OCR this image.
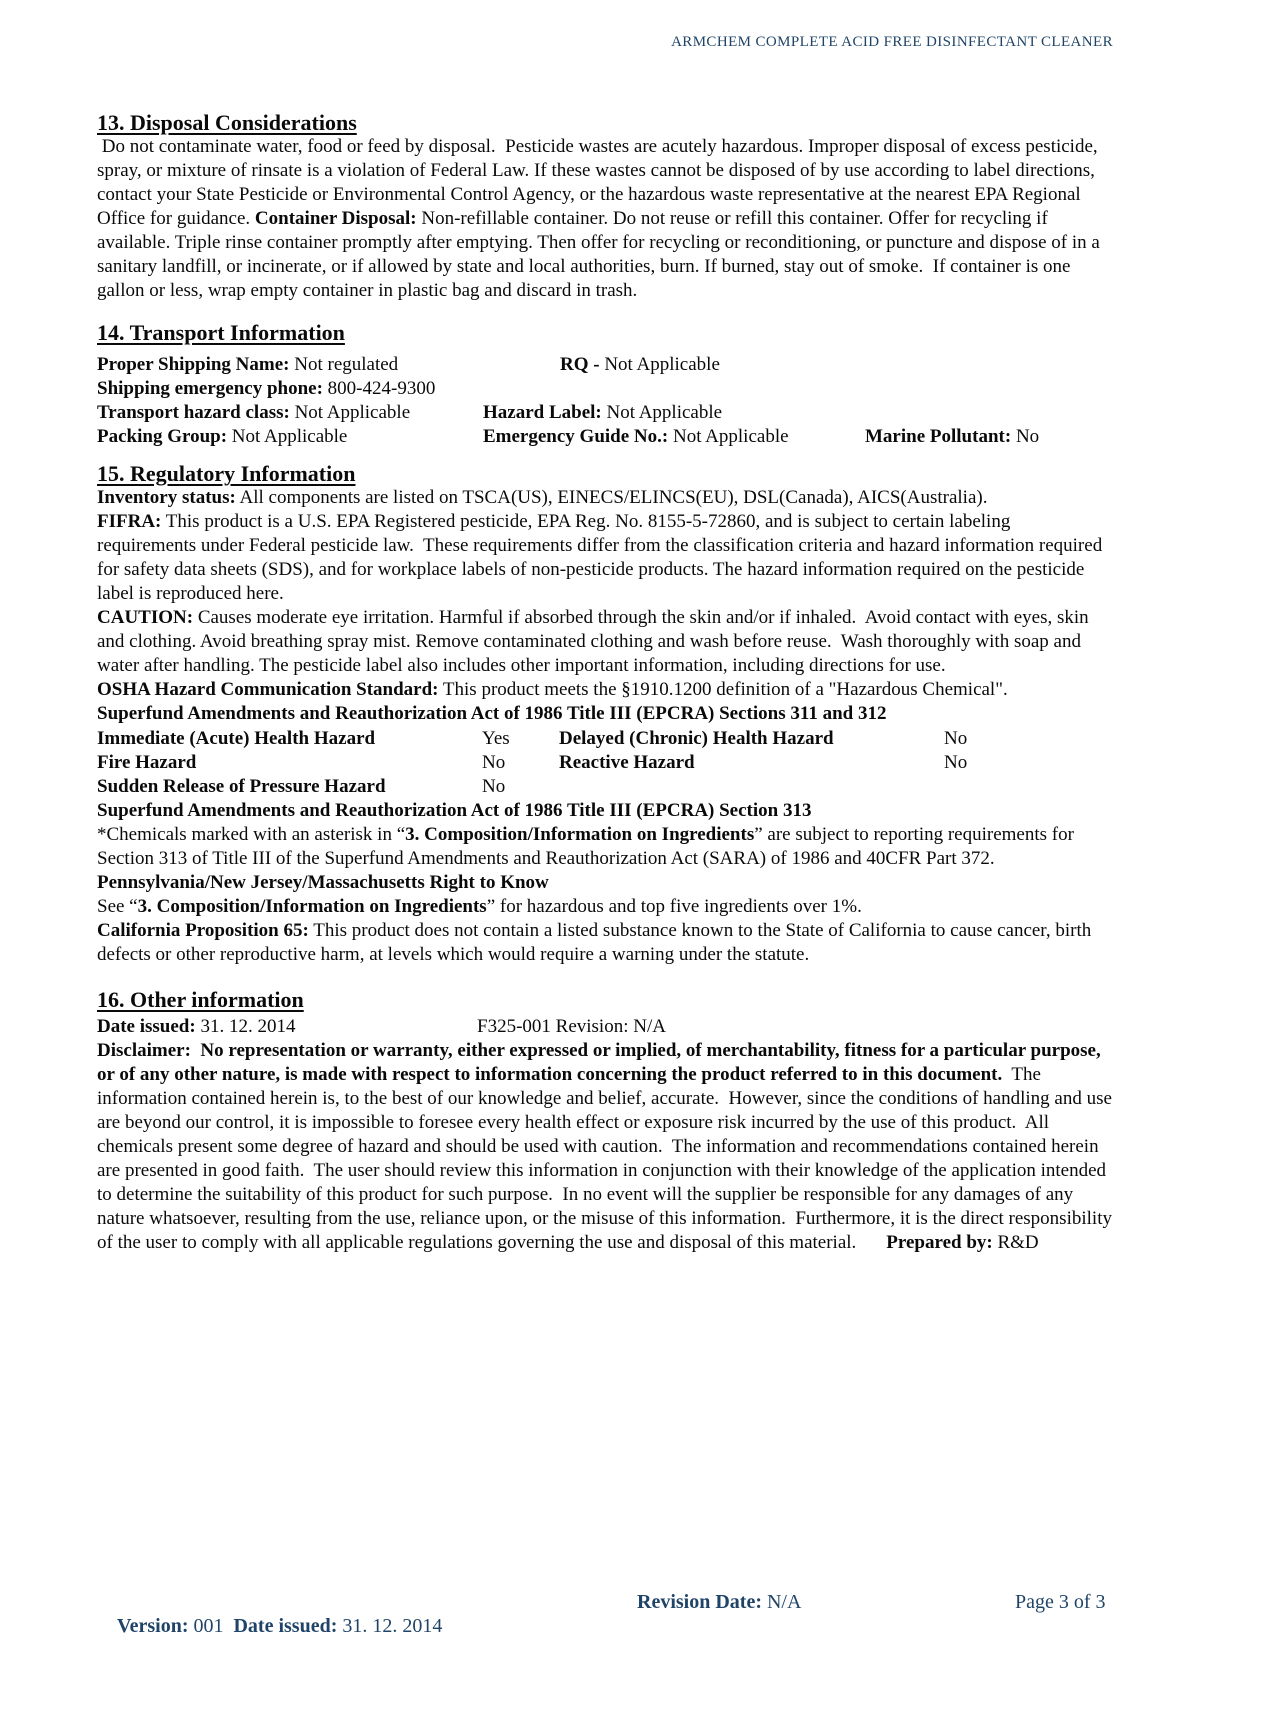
ARMCHEM COMPLETE ACID FREE DISINFECTANT CLEANER
13. Disposal Considerations

Do not contaminate water, food or feed by disposal.  Pesticide wastes are acutely hazardous. Improper disposal of excess pesticide, spray, or mixture of rinsate is a violation of Federal Law. If these wastes cannot be disposed of by use according to label directions, contact your State Pesticide or Environmental Control Agency, or the hazardous waste representative at the nearest EPA Regional Office for guidance. Container Disposal: Non-refillable container. Do not reuse or refill this container. Offer for recycling if available. Triple rinse container promptly after emptying. Then offer for recycling or reconditioning, or puncture and dispose of in a sanitary landfill, or incinerate, or if allowed by state and local authorities, burn. If burned, stay out of smoke.  If container is one gallon or less, wrap empty container in plastic bag and discard in trash.

14. Transport Information
Proper Shipping Name: Not regulated	RQ - Not Applicable
Shipping emergency phone: 800-424-9300
Transport hazard class: Not Applicable	Hazard Label: Not Applicable
Packing Group: Not Applicable	Emergency Guide No.: Not Applicable	Marine Pollutant: No
15. Regulatory Information

Inventory status: All components are listed on TSCA(US), EINECS/ELINCS(EU), DSL(Canada), AICS(Australia).

FIFRA: This product is a U.S. EPA Registered pesticide, EPA Reg. No. 8155-5-72860, and is subject to certain labeling requirements under Federal pesticide law.  These requirements differ from the classification criteria and hazard information required for safety data sheets (SDS), and for workplace labels of non-pesticide products. The hazard information required on the pesticide label is reproduced here.

CAUTION: Causes moderate eye irritation. Harmful if absorbed through the skin and/or if inhaled.  Avoid contact with eyes, skin and clothing. Avoid breathing spray mist. Remove contaminated clothing and wash before reuse.  Wash thoroughly with soap and water after handling. The pesticide label also includes other important information, including directions for use.

OSHA Hazard Communication Standard: This product meets the §1910.1200 definition of a "Hazardous Chemical".

Superfund Amendments and Reauthorization Act of 1986 Title III (EPCRA) Sections 311 and 312

Immediate (Acute) Health Hazard	Yes	Delayed (Chronic) Health Hazard	No
Fire Hazard	No	Reactive Hazard	No
Sudden Release of Pressure Hazard	No

Superfund Amendments and Reauthorization Act of 1986 Title III (EPCRA) Section 313

*Chemicals marked with an asterisk in “3. Composition/Information on Ingredients” are subject to reporting requirements for Section 313 of Title III of the Superfund Amendments and Reauthorization Act (SARA) of 1986 and 40CFR Part 372.

Pennsylvania/New Jersey/Massachusetts Right to Know

See “3. Composition/Information on Ingredients” for hazardous and top five ingredients over 1%.

California Proposition 65: This product does not contain a listed substance known to the State of California to cause cancer, birth defects or other reproductive harm, at levels which would require a warning under the statute.

16. Other information
Date issued: 31. 12. 2014	F325-001 Revision: N/A

Disclaimer:  No representation or warranty, either expressed or implied, of merchantability, fitness for a particular purpose, or of any other nature, is made with respect to information concerning the product referred to in this document.  The information contained herein is, to the best of our knowledge and belief, accurate.  However, since the conditions of handling and use are beyond our control, it is impossible to foresee every health effect or exposure risk incurred by the use of this product.  All chemicals present some degree of hazard and should be used with caution.  The information and recommendations contained herein are presented in good faith.  The user should review this information in conjunction with their knowledge of the application intended to determine the suitability of this product for such purpose.  In no event will the supplier be responsible for any damages of any nature whatsoever, resulting from the use, reliance upon, or the misuse of this information.  Furthermore, it is the direct responsibility of the user to comply with all applicable regulations governing the use and disposal of this material. Prepared by: R&D

Version: 001 Date issued: 31. 12. 2014

Revision Date: N/A

	Page 3 of 3
